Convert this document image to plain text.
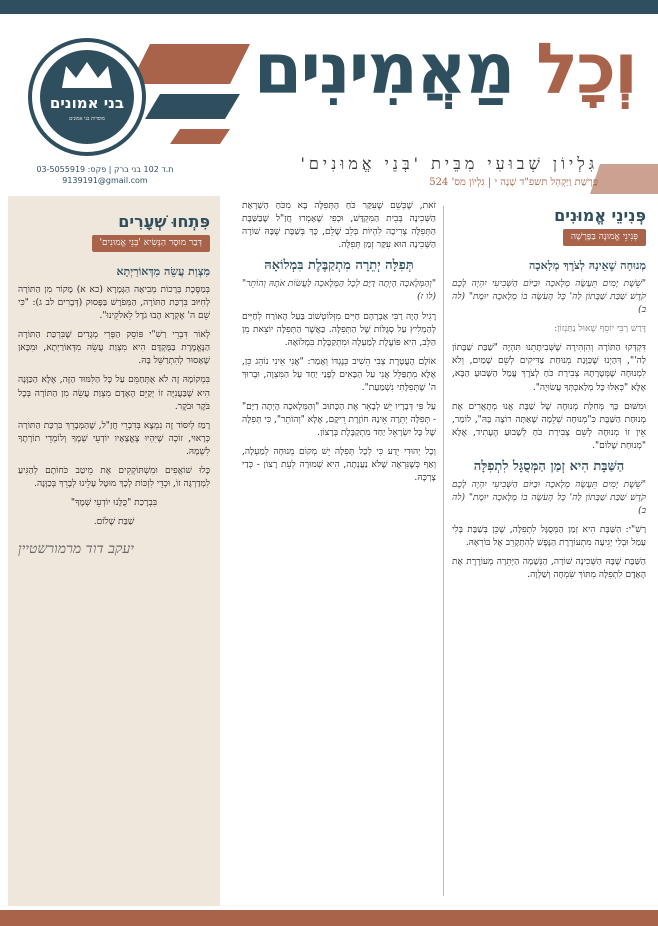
בני אמונים
מוסדות בני אמונים
וְכָל מַאֲמִינִים
גִּלְיוֹן שְׁבוּעִי מִבֵּית 'בְּנֵי אֱמוּנִים'
פָּרָשַׁת וַיַּקְהֵל תשפ"ד שָׁנָה י | גִּלְיוֹן מס' 524
ת.ד 102 בני ברק | פקס: 03-5055919
9139191@gmail.com
פְּנִינֵי אֱמוּנִים
פְּנִינֵי אֱמוּנָה בַּפָּרָשָׁה
מְנוּחָה שֶׁאֵינָהּ לְצֹרֶךְ מְלָאכָה

"שֵׁשֶׁת יָמִים תֵּעָשֶׂה מְלָאכָה וּבַיּוֹם הַשְּׁבִיעִי יִהְיֶה לָכֶם קֹדֶשׁ שַׁבַּת שַׁבָּתוֹן לַה' כָּל הָעֹשֶׂה בוֹ מְלָאכָה יוּמָת" (לה ב)

דָּרַשׁ רַבִּי יוֹסֵף שָׁאוּל נַתַּנְזוֹן:

דִּקְדְּקוּ הַתּוֹרָה וְהִזְהִירָה שֶׁשְּׁבִיתָתֵנוּ תִּהְיֶה "שַׁבַּת שַׁבָּתוֹן לַה'", דְּהַיְנוּ שֶׁכַּוָּנַת מְנוּחַת צַדִּיקִים לְשֵׁם שָׁמַיִם, וְלֹא לִמְנוּחָה שֶׁמְּטָרָתָהּ צְבִירַת כֹּחַ לְצֹרֶךְ עֲמַל הַשָּׁבוּעַ הַבָּא, אֶלָּא "כְּאִלּוּ כָּל מְלַאכְתְּךָ עֲשׂוּיָה".

וּמִשּׁוּם כָּךְ מְּחִלַּת מְנוּחָה שֶׁל שַׁבָּת אֲנוּ מְתָאֲרִים אֶת מְנוּחַת הַשַּׁבָּת כִּ"מְנוּחָה שְׁלֵמָה שֶׁאַתָּה רוֹצֶה בָּהּ", לוֹמַר, אֵין זוֹ מְנוּחָה לְשֵׁם צְבִירַת כֹּחַ לְשָׁבוּעַ הֶעָתִיד, אֶלָּא "מְנוּחַת שָׁלוֹם".

הַשַּׁבָּת הִיא זְמַן הַמְּסֻגָּל לִתְפִלָּה

"שֵׁשֶׁת יָמִים תֵּעָשֶׂה מְלָאכָה וּבַיּוֹם הַשְּׁבִיעִי יִהְיֶה לָכֶם קֹדֶשׁ שַׁבַּת שַׁבָּתוֹן לַה' כָּל הָעֹשֶׂה בוֹ מְלָאכָה יוּמָת" (לה ב)

רַשִׁ"י: הַשַּׁבָּת הִיא זְמַן הַמְּסֻגָּל לִתְפִלָּה, שֶׁכֵּן בְּשַׁבָּת בְּלִי עַמַל וּבְלִי יְגִיעָה מִתְעוֹרֶרֶת הַנֶּפֶשׁ לְהִתְקָרֵב אֶל בּוֹרְאָהּ.

הַשַּׁבָּת שֶׁבָּהּ הַשְּׁכִינָה שׁוֹרָה, הַנְּשָׁמָה הַיְּתֵרָה מְעוֹרֶרֶת אֶת הָאָדָם לִתְפִלָּה מִתּוֹךְ שִׂמְחָה וְשַׁלְוָה.

זֹאת, שֶׁכְּשֵׁם שֶׁעִקַּר כֹּחַ הַתְּפִלָּה בָּא מִכֹּחַ הַשְׁרָאַת הַשְּׁכִינָה בְּבֵית הַמִּקְדָּשׁ, וּכְפִי שֶׁאָמְרוּ חֲזַ"ל שֶׁבַּשַּׁבָּת הַתְּפִלָּה צְרִיכָה לִהְיוֹת בְּלֵב שָׁלֵם, כָּךְ בְּשַׁבָּת שֶׁבָּהּ שׁוֹרָה הַשְּׁכִינָה הוּא עִקַּר זְמַן תְּפִלָּה.

תְּפִלָּה יְתֵרָה מִתְקַבֶּלֶת בִּמְלוֹאָהּ

"וְהַמְּלָאכָה הָיְתָה דַיָּם לְכָל הַמְּלָאכָה לַעֲשׂוֹת אֹתָהּ וְהוֹתֵר" (לו ז)

רָגִיל הָיָה רַבִּי אַבְרָהָם חַיִּים מִזְּלוֹטְשׁוֹב בַּעַל הָאוֹרַח לְחַיִּים לְהַמְלִיץ עַל סְגֻלּוֹת שֶׁל הַתְּפִלָּה. כַּאֲשֶׁר הַתְּפִלָּה יוֹצֵאת מִן הַלֵּב, הִיא פּוֹעֶלֶת לְמַעְלָה וּמִתְקַבֶּלֶת בִּמְלוֹאָהּ.

אוֹלָם הָעֲטֶרֶת צְבִי הֵשִׁיב כְּנֶגְדּוֹ וְאָמַר: "אֲנִי אֵינִי נוֹהֵג כֵּן, אֶלָּא מִתְפַּלֵּל אֲנִי עַל הַבָּאִים לְפָנַי יַחַד עַל הַמִּצְוָה, וּבְרוּךְ ה' שֶׁתְּפִלָּתִי נִשְׁמַעַת".

עַל פִּי דְּבָרָיו יֵשׁ לְבָאֵר אֶת הַכָּתוּב "וְהַמְּלָאכָה הָיְתָה דַיָּם" - תְּפִלָּה יְתֵרָה אֵינָהּ חוֹזֶרֶת רֵיקָם, אֶלָּא "וְהוֹתֵר", כִּי תְּפִלָּה שֶׁל כָּל יִשְׂרָאֵל יַחַד מִתְקַבֶּלֶת בְּרָצוֹן.

וְכָל יְהוּדִי יֵדַע כִּי לְכָל תְּפִלָּה יֵשׁ מְקוֹם מְנוּחָה לְמַעְלָה, וְאַף כְּשֶׁנִּרְאֶה שֶׁלֹּא נַעֲנְתָה, הִיא שְׁמוּרָה לְעֵת רָצוֹן - כְּדַי צָרְכָּהּ.

פִּתְחוּ שְׁעָרִים
דְּבַר מוּסָר הַנְּשִׂיא 'בְּנֵי אֱמוּנִים'
מִצְוַת עֲשֵׂה מִדְּאוֹרַיְתָא

בְּמַסֶּכֶת בְּרָכוֹת מְבִיאָה הַגְּמָרָא (כא א) מָקוֹר מִן הַתּוֹרָה לְחִיּוּב בִּרְכַּת הַתּוֹרָה, הַמְּפֹרָשׁ בַּפָּסוּק (דְּבָרִים לב ג): "כִּי שֵׁם ה' אֶקְרָא הָבוּ גֹדֶל לֵאלֹקֵינוּ".

לְאוֹר דִּבְרֵי רַשִׁ"י פּוֹסֵק הַפְּרִי מְגָדִים שֶׁבִּרְכַּת הַתּוֹרָה הַנֶּאֱמֶרֶת בַּמֻּקְדָּם הִיא מִצְוַת עֲשֵׂה מִדְּאוֹרַיְתָא, וּמִכָּאן שֶׁאָסוּר לְהִתְרַשֵּׁל בָּהּ.

בִּמְקוֹמָהּ זֶה לֹא אֻתְּחַמֵּם עַל כָּל הַלִּמּוּד הַזֶּה, אֶלָּא הַכַּוָּנָה הִיא שֶׁבַּעֲנִיָּה זוֹ יְקַיֵּם הָאָדָם מִצְוַת עֲשֵׂה מִן הַתּוֹרָה בְּכָל בֹּקֶר וּבֹקֶר.

רָמַז לְיִסּוֹד זֶה נִמְצָא בְּדִבְרֵי חֲזַ"ל, שֶׁהַמְּבָרֵךְ בִּרְכַּת הַתּוֹרָה כְּרָאוּי, זוֹכֶה שֶׁיִּהְיוּ צֶאֱצָאָיו יוֹדְעֵי שְׁמֶךָ וְלוֹמְדֵי תוֹרָתֶךָ לִשְׁמָהּ.

כָּלוּ שׁוֹאֲפִים וּמִשְׁתּוֹקְקִים אֶת מֵיטַב כֹּחוֹתָם לְהַגִּיעַ לִמְדַרְגָּה זוֹ, וּכְדֵי לִזְכּוֹת לְכָךְ מוּטָל עָלֵינוּ לְבָרֵךְ בְּכַוָּנָה.

בִּבְרָכַת "כֻּלָּנוּ יוֹדְעֵי שְׁמֶךָ"

שַׁבַּת שָׁלוֹם.

יעקב דוד מרמורשטיין
